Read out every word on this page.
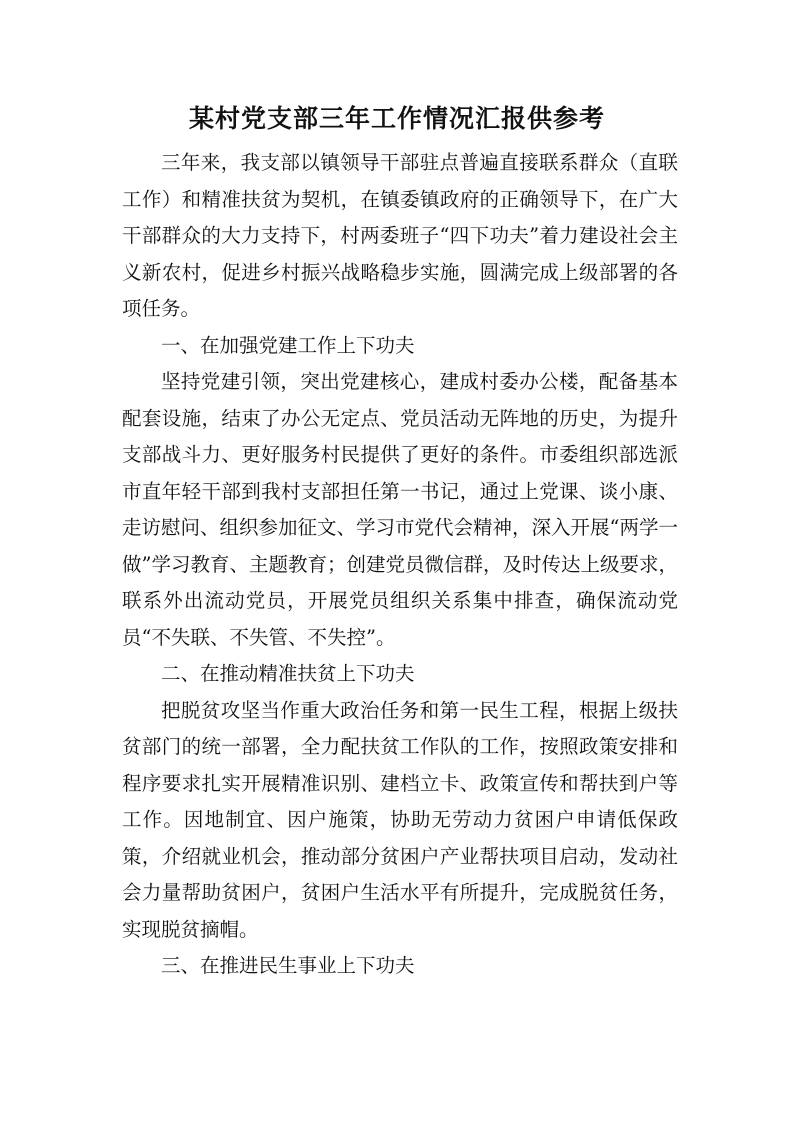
某村党支部三年工作情况汇报供参考

三年来，我支部以镇领导干部驻点普遍直接联系群众（直联工作）和精准扶贫为契机，在镇委镇政府的正确领导下，在广大干部群众的大力支持下，村两委班子“四下功夫”着力建设社会主义新农村，促进乡村振兴战略稳步实施，圆满完成上级部署的各项任务。

一、在加强党建工作上下功夫

坚持党建引领，突出党建核心，建成村委办公楼，配备基本配套设施，结束了办公无定点、党员活动无阵地的历史，为提升支部战斗力、更好服务村民提供了更好的条件。市委组织部选派市直年轻干部到我村支部担任第一书记，通过上党课、谈小康、走访慰问、组织参加征文、学习市党代会精神，深入开展“两学一做”学习教育、主题教育；创建党员微信群，及时传达上级要求，联系外出流动党员，开展党员组织关系集中排查，确保流动党员“不失联、不失管、不失控”。

二、在推动精准扶贫上下功夫

把脱贫攻坚当作重大政治任务和第一民生工程，根据上级扶贫部门的统一部署，全力配扶贫工作队的工作，按照政策安排和程序要求扎实开展精准识别、建档立卡、政策宣传和帮扶到户等工作。因地制宜、因户施策，协助无劳动力贫困户申请低保政策，介绍就业机会，推动部分贫困户产业帮扶项目启动，发动社会力量帮助贫困户，贫困户生活水平有所提升，完成脱贫任务，实现脱贫摘帽。

三、在推进民生事业上下功夫
